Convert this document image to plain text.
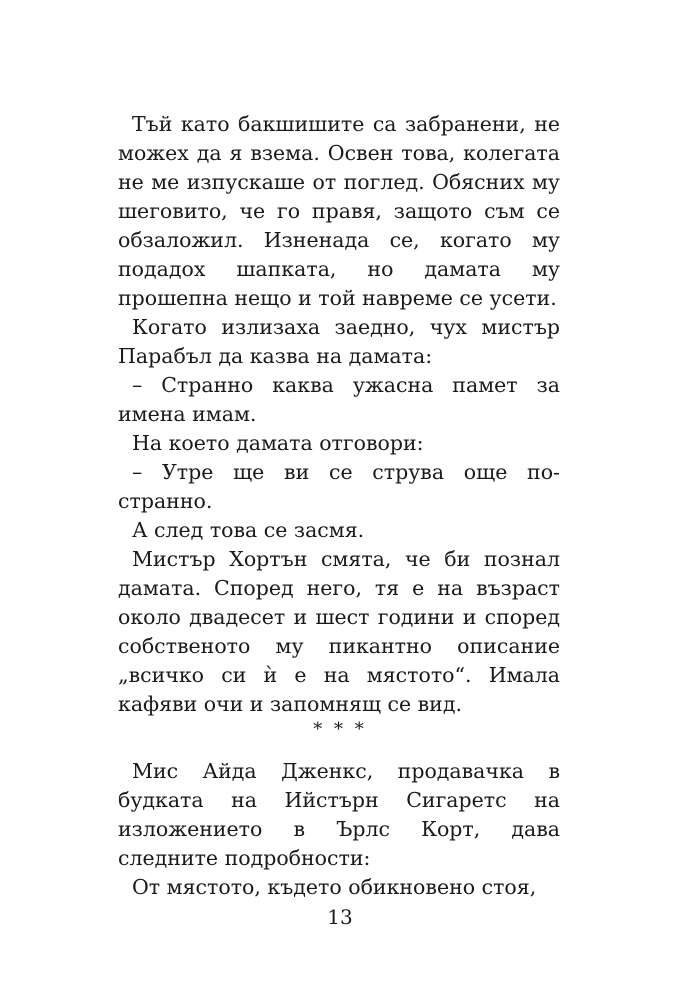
Тъй като бакшишите са забранени, не можех да я взема. Освен това, колегата не ме изпускаше от поглед. Обясних му шеговито, че го правя, защото съм се обзаложил. Изненада се, когато му подадох шапката, но дамата му прошепна нещо и той навреме се усети.

Когато излизаха заедно, чух мистър Парабъл да казва на дамата:

– Странно каква ужасна памет за имена имам.

На което дамата отговори:

– Утре ще ви се струва още по-странно.

А след това се засмя.

Мистър Хортън смята, че би познал дамата. Според него, тя е на възраст около двадесет и шест години и според собственото му пикантно описание „всичко си ѝ е на мястото“. Имала кафяви очи и запомнящ се вид.

* * *

Мис Айда Дженкс, продавачка в будката на Ийстърн Сигаретс на изложението в Ърлс Корт, дава следните подробности:

От мястото, където обикновено стоя,

13
